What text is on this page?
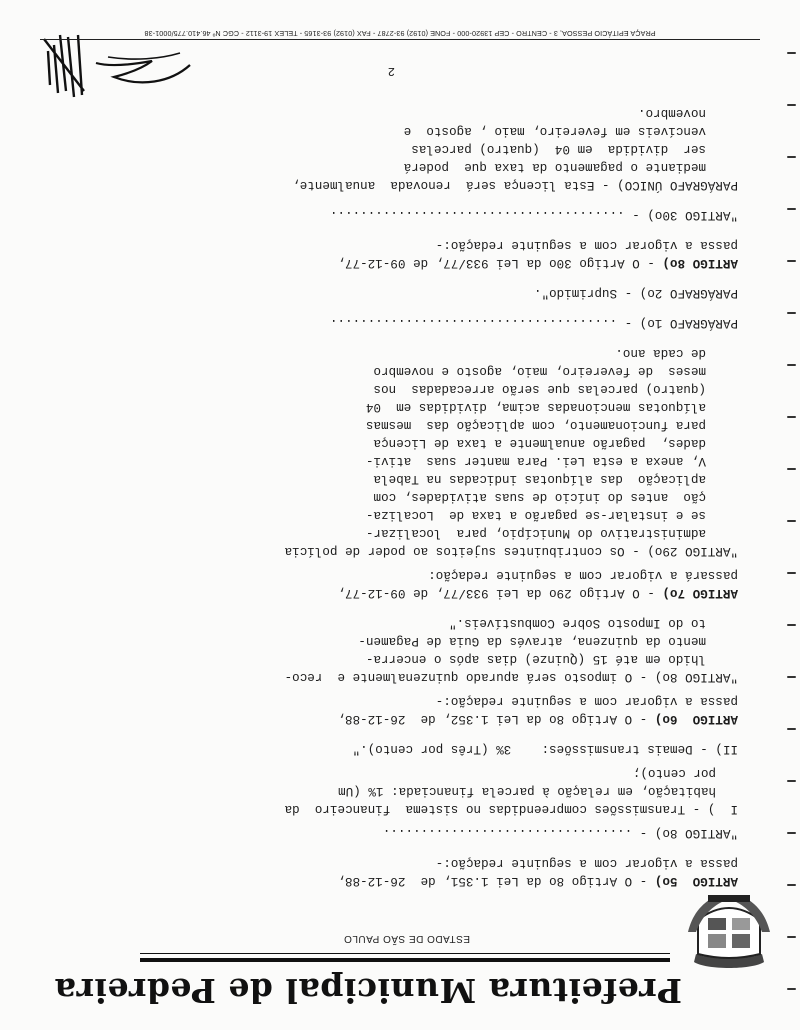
Prefeitura Municipal de Pedreira
ESTADO DE SÃO PAULO

ARTIGO  5o) - O Artigo 8o da Lei 1.351, de  26-12-88,

passa a vigorar com a seguinte redação:-

"ARTIGO 8o) - .................................

I  ) - Transmissões compreendidas no sistema  financeiro  da

habitação, em relação à parcela financiada: 1% (Um

por cento);

II) - Demais transmissões:    3% (Três por cento)."

ARTIGO  6o) - O Artigo 8o da Lei 1.352, de  26-12-88,

passa a vigorar com a seguinte redação:-

"ARTIGO 8o) - O imposto será apurado quinzenalmente e  reco-

lhido em até 15 (Quinze) dias após o encerra-

mento da quinzena, através da Guia de Pagamen-

to do Imposto Sobre Combustíveis."

ARTIGO 7o) - O Artigo 29o da Lei 933/77, de 09-12-77,

passará a vigorar com a seguinte redação:

"ARTIGO 29o) - Os contribuintes sujeitos ao poder de polícia

administrativo do Município, para  localizar-

se e instalar-se pagarão a taxa de  Localiza-

ção  antes do início de suas atividades, com

aplicação  das alíquotas indicadas na Tabela

V, anexa a esta Lei. Para manter suas  ativi-

dades,  pagarão anualmente a taxa de Licença

para funcionamento, com aplicação das  mesmas

alíquotas mencionadas acima, divididas em  04

(quatro) parcelas que serão arrecadadas  nos

meses  de fevereiro, maio, agosto e novembro

de cada ano.

PARÁGRAFO 1o) - ......................................

PARÁGRAFO 2o) - Suprimido".

ARTIGO 8o) - O Artigo 30o da Lei 933/77, de 09-12-77,

passa a vigorar com a seguinte redação:-

"ARTIGO 30o) - .......................................

PARÁGRAFO ÚNICO) - Esta licença será  renovada  anualmente,

mediante o pagamento da taxa que  poderá

ser  dividida  em 04  (quatro) parcelas

vencíveis em fevereiro, maio , agosto  e

novembro.

2
PRAÇA EPITÁCIO PESSOA, 3 - CENTRO - CEP 13920-000 - FONE (0192) 93-2787 - FAX (0192) 93-3165 - TELEX 19-3112 - CGC Nº 46.410.775/0001-38
